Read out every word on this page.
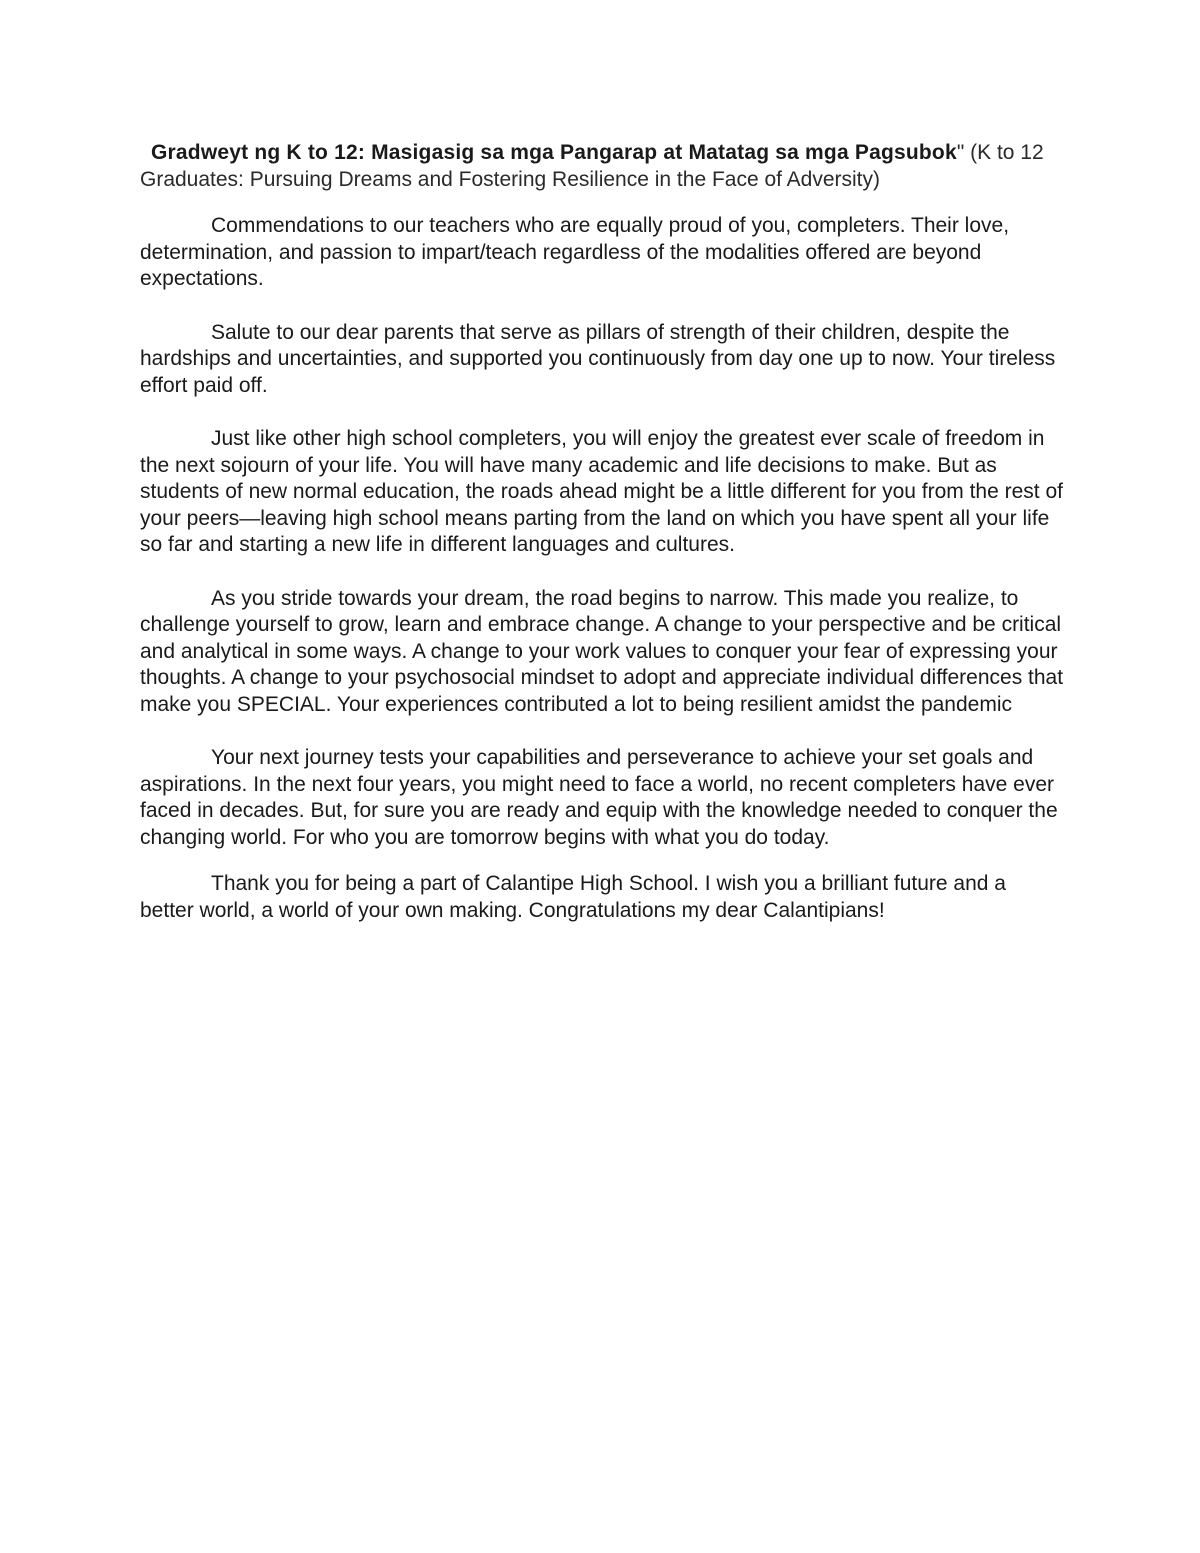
Gradweyt ng K to 12: Masigasig sa mga Pangarap at Matatag sa mga Pagsubok" (K to 12
Graduates: Pursuing Dreams and Fostering Resilience in the Face of Adversity)

Commendations to our teachers who are equally proud of you, completers. Their love, determination, and passion to impart/teach regardless of the modalities offered are beyond expectations.

Salute to our dear parents that serve as pillars of strength of their children, despite the hardships and uncertainties, and supported you continuously from day one up to now. Your tireless effort paid off.

Just like other high school completers, you will enjoy the greatest ever scale of freedom in the next sojourn of your life. You will have many academic and life decisions to make. But as students of new normal education, the roads ahead might be a little different for you from the rest of your peers—leaving high school means parting from the land on which you have spent all your life so far and starting a new life in different languages and cultures.

As you stride towards your dream, the road begins to narrow. This made you realize, to challenge yourself to grow, learn and embrace change. A change to your perspective and be critical and analytical in some ways. A change to your work values to conquer your fear of expressing your thoughts. A change to your psychosocial mindset to adopt and appreciate individual differences that make you SPECIAL. Your experiences contributed a lot to being resilient amidst the pandemic

Your next journey tests your capabilities and perseverance to achieve your set goals and aspirations. In the next four years, you might need to face a world, no recent completers have ever faced in decades. But, for sure you are ready and equip with the knowledge needed to conquer the changing world. For who you are tomorrow begins with what you do today.

Thank you for being a part of Calantipe High School. I wish you a brilliant future and a better world, a world of your own making. Congratulations my dear Calantipians!
